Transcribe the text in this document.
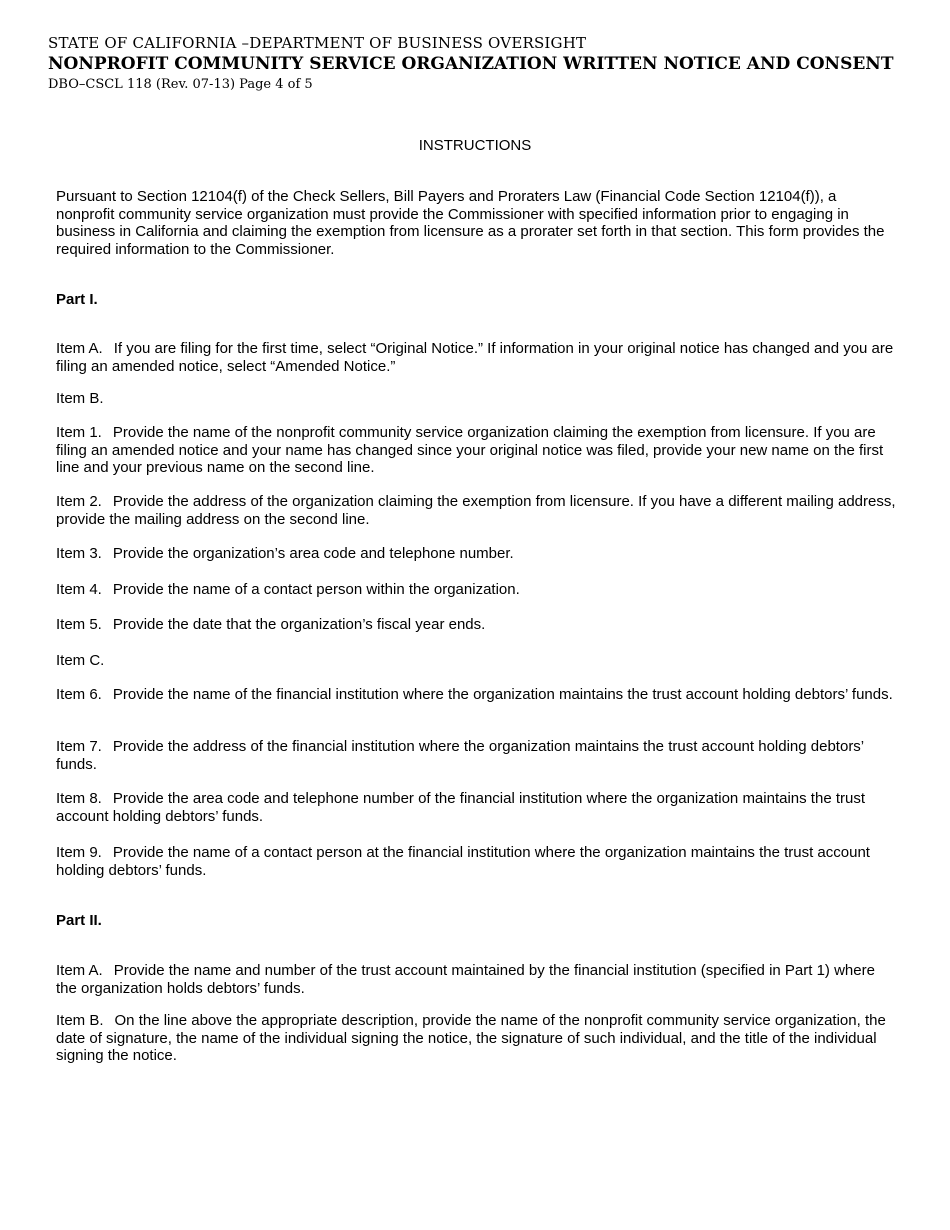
STATE OF CALIFORNIA –DEPARTMENT OF BUSINESS OVERSIGHT
NONPROFIT COMMUNITY SERVICE ORGANIZATION WRITTEN NOTICE AND CONSENT
DBO–CSCL 118 (Rev. 07-13) Page 4 of 5
INSTRUCTIONS

Pursuant to Section 12104(f) of the Check Sellers, Bill Payers and Proraters Law (Financial Code Section 12104(f)), a nonprofit community service organization must provide the Commissioner with specified information prior to engaging in business in California and claiming the exemption from licensure as a prorater set forth in that section. This form provides the required information to the Commissioner.

Part I.

Item A. If you are filing for the first time, select “Original Notice.” If information in your original notice has changed and you are filing an amended notice, select “Amended Notice.”

Item B.

Item 1. Provide the name of the nonprofit community service organization claiming the exemption from licensure. If you are filing an amended notice and your name has changed since your original notice was filed, provide your new name on the first line and your previous name on the second line.

Item 2. Provide the address of the organization claiming the exemption from licensure. If you have a different mailing address, provide the mailing address on the second line.

Item 3. Provide the organization’s area code and telephone number.

Item 4. Provide the name of a contact person within the organization.

Item 5. Provide the date that the organization’s fiscal year ends.

Item C.

Item 6. Provide the name of the financial institution where the organization maintains the trust account holding debtors’ funds.

Item 7. Provide the address of the financial institution where the organization maintains the trust account holding debtors’ funds.

Item 8. Provide the area code and telephone number of the financial institution where the organization maintains the trust account holding debtors’ funds.

Item 9. Provide the name of a contact person at the financial institution where the organization maintains the trust account holding debtors’ funds.

Part II.

Item A. Provide the name and number of the trust account maintained by the financial institution (specified in Part 1) where the organization holds debtors’ funds.

Item B. On the line above the appropriate description, provide the name of the nonprofit community service organization, the date of signature, the name of the individual signing the notice, the signature of such individual, and the title of the individual signing the notice.
